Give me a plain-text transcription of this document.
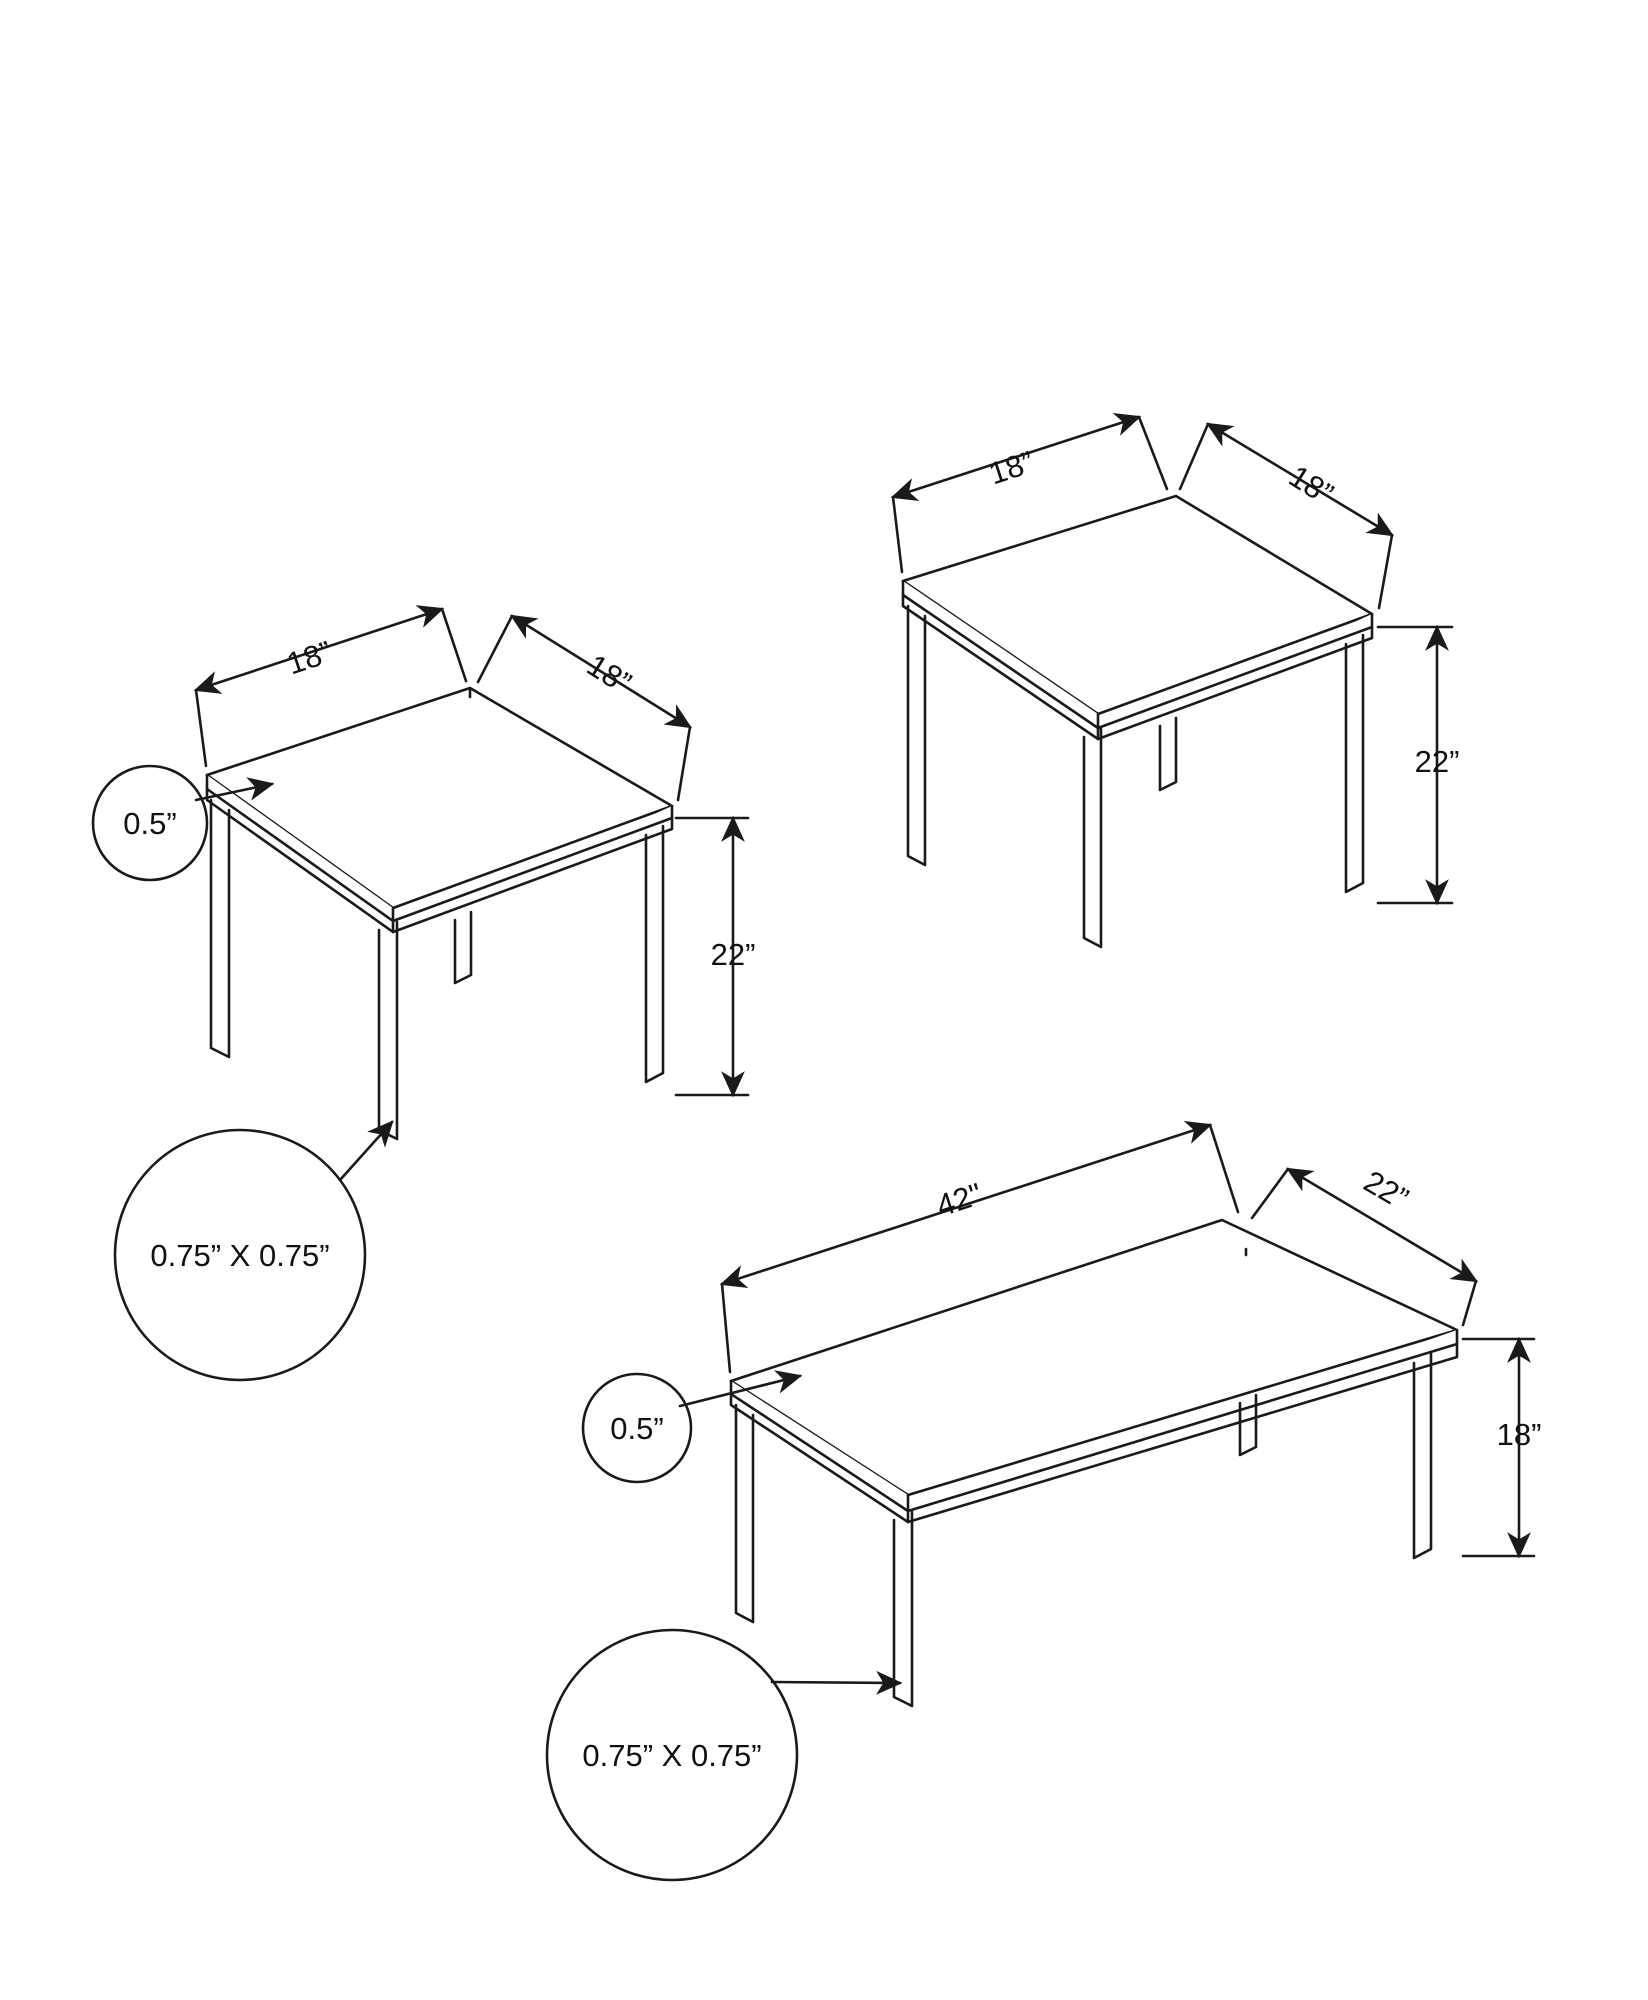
18”	18”
22”
0.5”
0.75” X 0.75”
18”	18”
22”
42"	22”
18”
0.5”
0.75” X 0.75”
